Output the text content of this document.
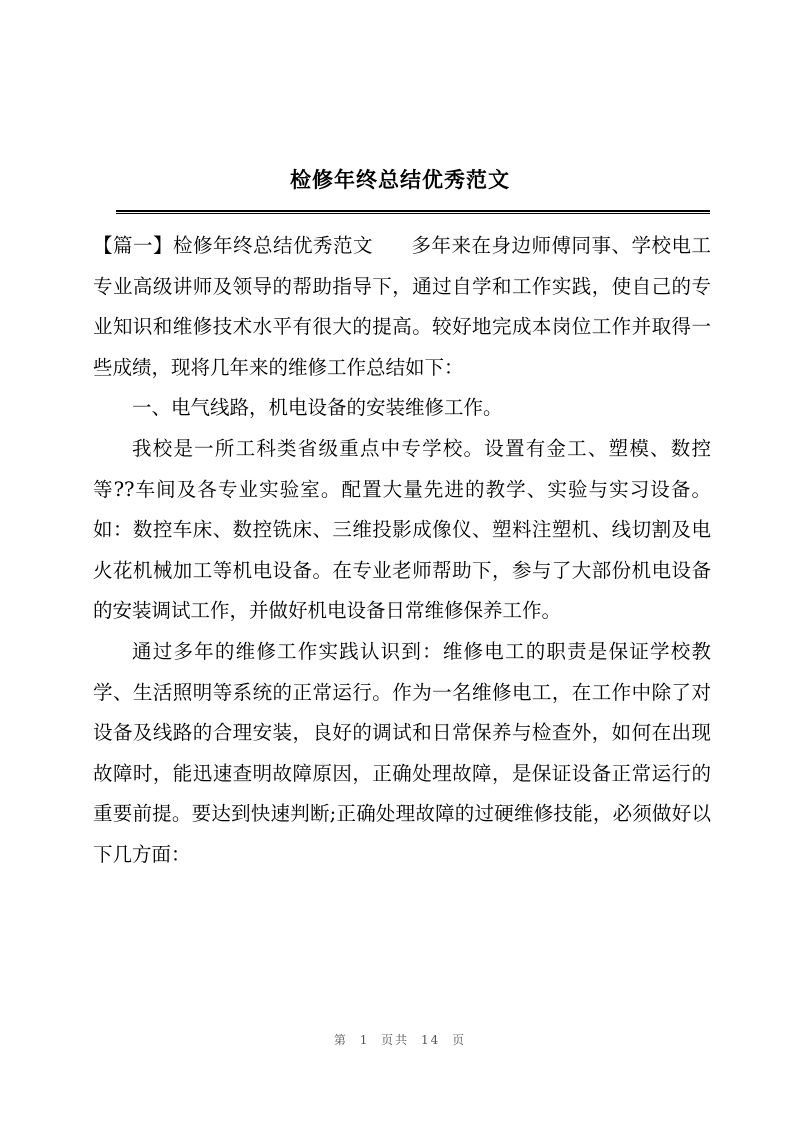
检修年终总结优秀范文

【篇一】检修年终总结优秀范文 多年来在身边师傅同事、学校电工专业高级讲师及领导的帮助指导下，通过自学和工作实践，使自己的专业知识和维修技术水平有很大的提高。较好地完成本岗位工作并取得一些成绩，现将几年来的维修工作总结如下：

一、电气线路，机电设备的安装维修工作。

我校是一所工科类省级重点中专学校。设置有金工、塑模、数控等??车间及各专业实验室。配置大量先进的教学、实验与实习设备。如：数控车床、数控铣床、三维投影成像仪、塑料注塑机、线切割及电火花机械加工等机电设备。在专业老师帮助下，参与了大部份机电设备的安装调试工作，并做好机电设备日常维修保养工作。

通过多年的维修工作实践认识到：维修电工的职责是保证学校教学、生活照明等系统的正常运行。作为一名维修电工，在工作中除了对设备及线路的合理安装，良好的调试和日常保养与检查外，如何在出现故障时，能迅速查明故障原因，正确处理故障，是保证设备正常运行的重要前提。要达到快速判断;正确处理故障的过硬维修技能，必须做好以下几方面：

第 1 页共 14 页
